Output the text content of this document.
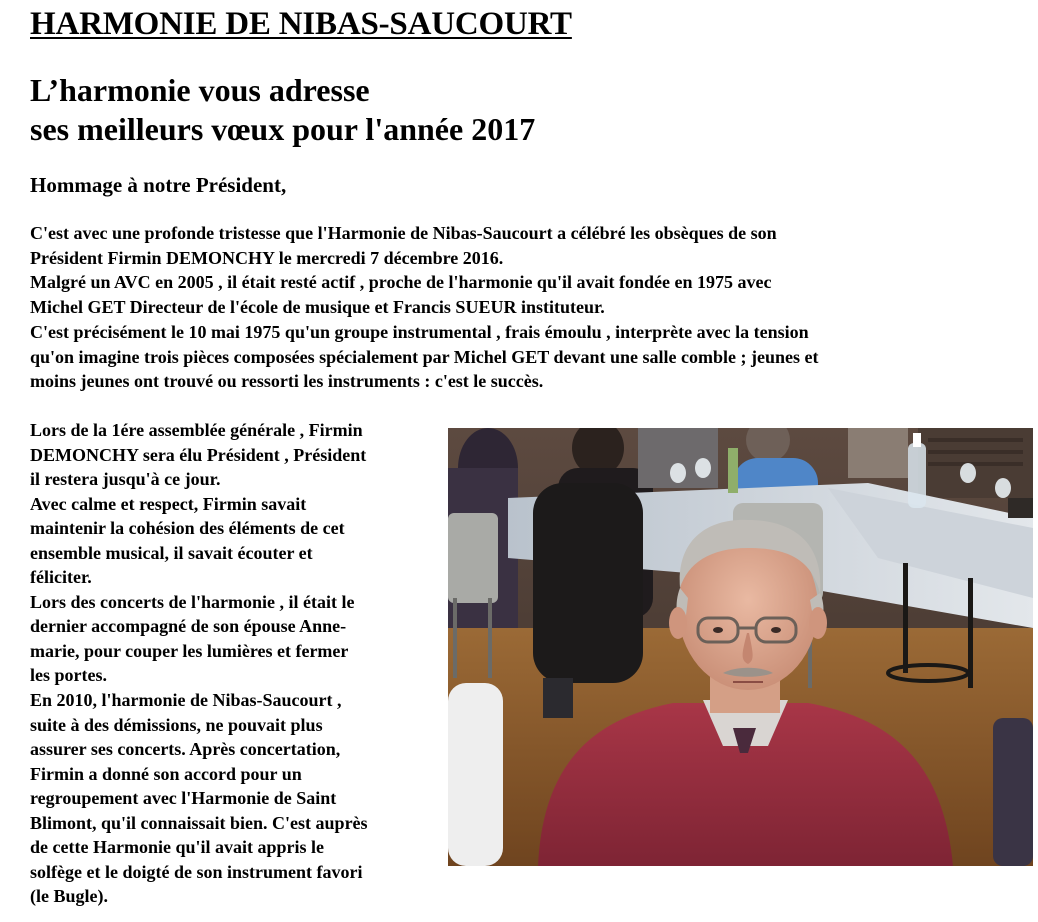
HARMONIE DE NIBAS-SAUCOURT
L’harmonie vous adresse
ses meilleurs vœux pour l'année 2017
Hommage à notre Président,

C'est avec une profonde tristesse que l'Harmonie de Nibas-Saucourt a célébré les obsèques de son
Président Firmin DEMONCHY le mercredi 7 décembre 2016.
Malgré un AVC en 2005 , il était resté actif , proche de l'harmonie qu'il avait fondée en 1975 avec
Michel GET Directeur de l'école de musique et Francis SUEUR instituteur.
C'est précisément le 10 mai 1975 qu'un groupe instrumental , frais émoulu , interprète avec la tension
qu'on imagine trois pièces composées spécialement par Michel GET devant une salle comble ; jeunes et
moins jeunes ont trouvé ou ressorti les instruments : c'est le succès.

Lors de la 1ére assemblée générale , Firmin
DEMONCHY sera élu Président , Président
il restera jusqu'à ce jour.
Avec calme et respect, Firmin savait
maintenir la cohésion des éléments de cet
ensemble musical, il savait écouter et
féliciter.
Lors des concerts de l'harmonie , il était le
dernier accompagné de son épouse Anne-
marie, pour couper les lumières et fermer
les portes.
En 2010, l'harmonie de Nibas-Saucourt ,
suite à des démissions, ne pouvait plus
assurer ses concerts. Après concertation,
Firmin a donné son accord pour un
regroupement avec l'Harmonie de Saint
Blimont, qu'il connaissait bien. C'est auprès
de cette Harmonie qu'il avait appris le
solfège et le doigté de son instrument favori
(le Bugle).
